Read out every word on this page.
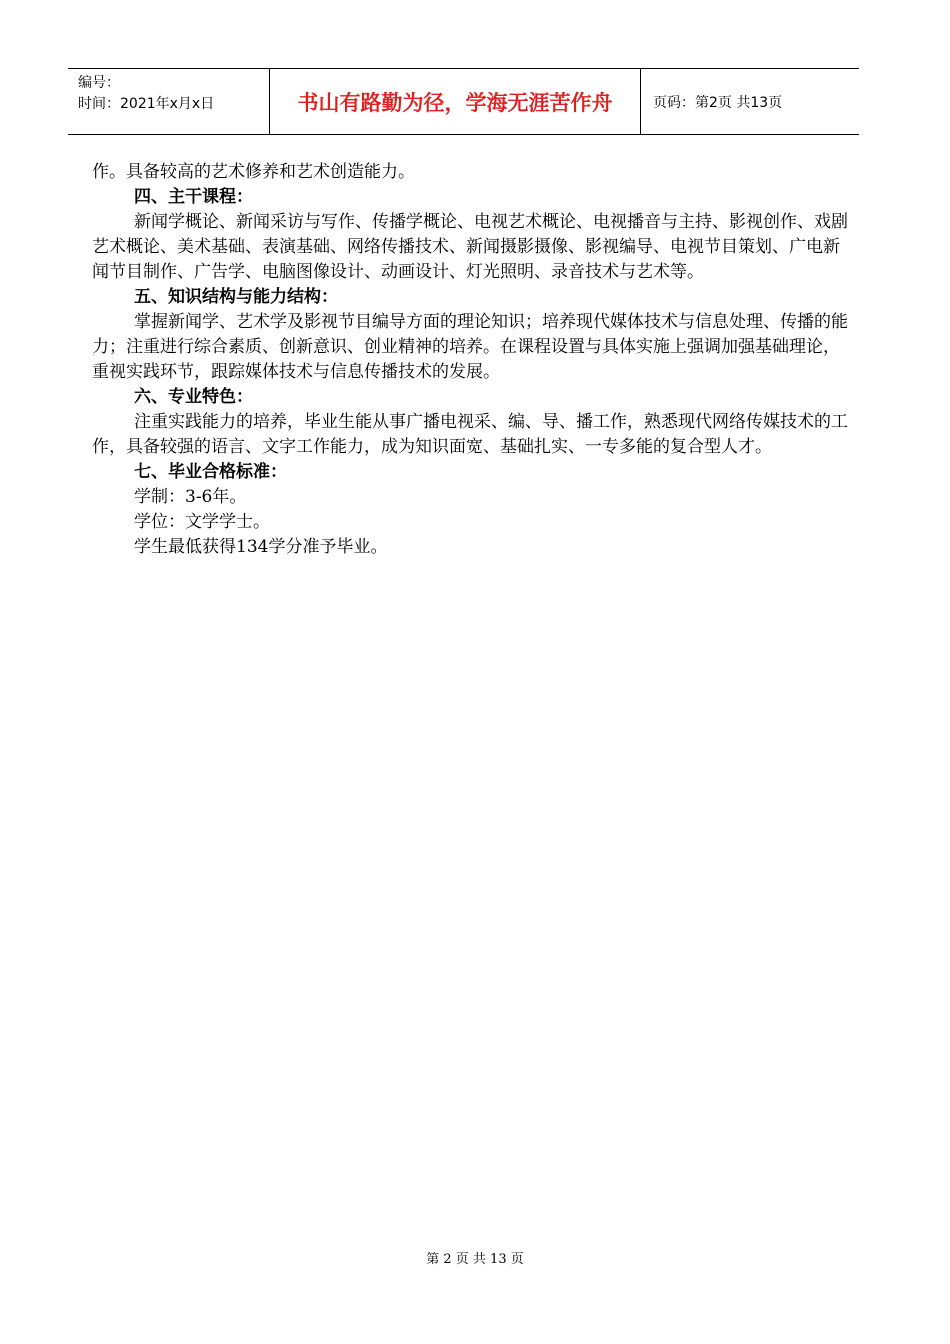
编号：
时间：2021年x月x日	书山有路勤为径，学海无涯苦作舟	页码：第2页 共13页

作。具备较高的艺术修养和艺术创造能力。

四、主干课程：

新闻学概论、新闻采访与写作、传播学概论、电视艺术概论、电视播音与主持、影视创作、戏剧艺术概论、美术基础、表演基础、网络传播技术、新闻摄影摄像、影视编导、电视节目策划、广电新闻节目制作、广告学、电脑图像设计、动画设计、灯光照明、录音技术与艺术等。

五、知识结构与能力结构：

掌握新闻学、艺术学及影视节目编导方面的理论知识；培养现代媒体技术与信息处理、传播的能力；注重进行综合素质、创新意识、创业精神的培养。在课程设置与具体实施上强调加强基础理论，重视实践环节，跟踪媒体技术与信息传播技术的发展。

六、专业特色：

注重实践能力的培养，毕业生能从事广播电视采、编、导、播工作，熟悉现代网络传媒技术的工作，具备较强的语言、文字工作能力，成为知识面宽、基础扎实、一专多能的复合型人才。

七、毕业合格标准：

学制：3-6年。

学位：文学学士。

学生最低获得134学分准予毕业。

第 2 页 共 13 页
